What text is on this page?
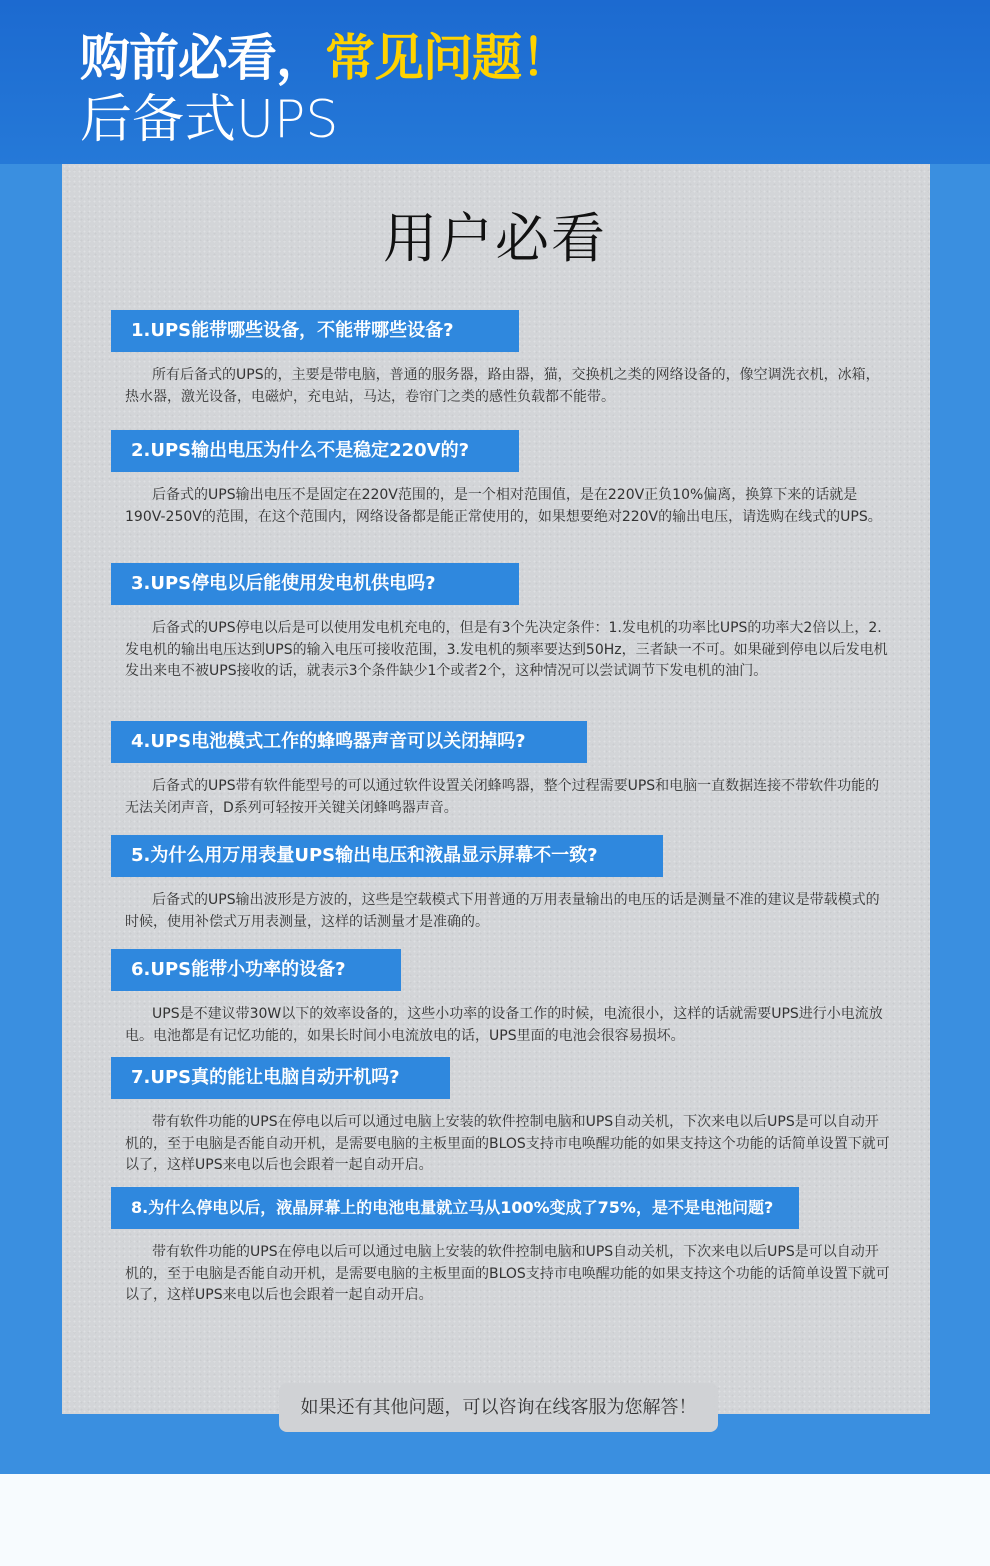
购前必看，常见问题！
后备式UPS
用户必看
1.UPS能带哪些设备，不能带哪些设备?
所有后备式的UPS的，主要是带电脑，普通的服务器，路由器，猫，交换机之类的网络设备的，像空调洗衣机，冰箱，热水器，激光设备，电磁炉，充电站，马达，卷帘门之类的感性负载都不能带。
2.UPS输出电压为什么不是稳定220V的?
后备式的UPS输出电压不是固定在220V范围的，是一个相对范围值，是在220V正负10%偏离，换算下来的话就是190V-250V的范围，在这个范围内，网络设备都是能正常使用的，如果想要绝对220V的输出电压，请选购在线式的UPS。
3.UPS停电以后能使用发电机供电吗?
后备式的UPS停电以后是可以使用发电机充电的，但是有3个先决定条件：1.发电机的功率比UPS的功率大2倍以上，2.发电机的输出电压达到UPS的输入电压可接收范围，3.发电机的频率要达到50Hz，三者缺一不可。如果碰到停电以后发电机发出来电不被UPS接收的话，就表示3个条件缺少1个或者2个，这种情况可以尝试调节下发电机的油门。
4.UPS电池模式工作的蜂鸣器声音可以关闭掉吗?
后备式的UPS带有软件能型号的可以通过软件设置关闭蜂鸣器，整个过程需要UPS和电脑一直数据连接不带软件功能的无法关闭声音，D系列可轻按开关键关闭蜂鸣器声音。
5.为什么用万用表量UPS输出电压和液晶显示屏幕不一致?
后备式的UPS输出波形是方波的，这些是空载模式下用普通的万用表量输出的电压的话是测量不准的建议是带载模式的时候，使用补偿式万用表测量，这样的话测量才是准确的。
6.UPS能带小功率的设备?
UPS是不建议带30W以下的效率设备的，这些小功率的设备工作的时候，电流很小，这样的话就需要UPS进行小电流放电。电池都是有记忆功能的，如果长时间小电流放电的话，UPS里面的电池会很容易损坏。
7.UPS真的能让电脑自动开机吗?
带有软件功能的UPS在停电以后可以通过电脑上安装的软件控制电脑和UPS自动关机，下次来电以后UPS是可以自动开机的，至于电脑是否能自动开机，是需要电脑的主板里面的BLOS支持市电唤醒功能的如果支持这个功能的话简单设置下就可以了，这样UPS来电以后也会跟着一起自动开启。
8.为什么停电以后，液晶屏幕上的电池电量就立马从100%变成了75%，是不是电池问题?
带有软件功能的UPS在停电以后可以通过电脑上安装的软件控制电脑和UPS自动关机，下次来电以后UPS是可以自动开机的，至于电脑是否能自动开机，是需要电脑的主板里面的BLOS支持市电唤醒功能的如果支持这个功能的话简单设置下就可以了，这样UPS来电以后也会跟着一起自动开启。
如果还有其他问题，可以咨询在线客服为您解答！
